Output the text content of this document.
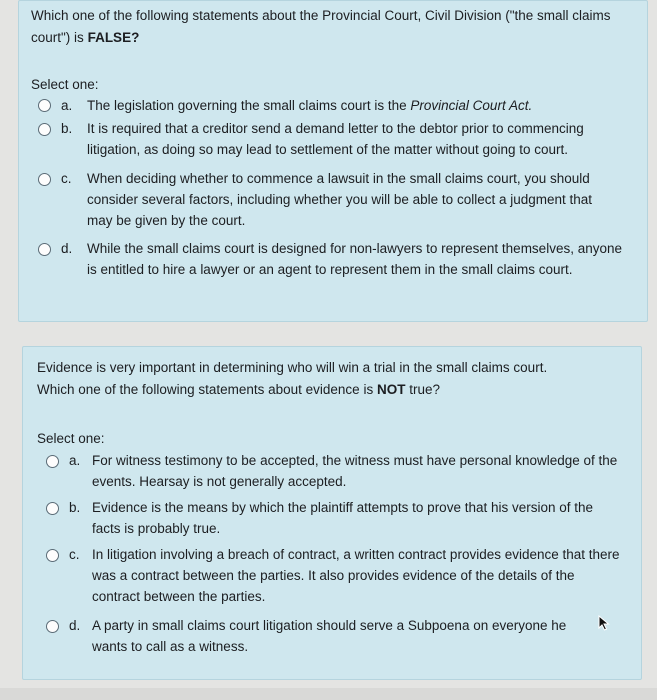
Which one of the following statements about the Provincial Court, Civil Division ("the small claims court") is FALSE?
Select one:
a.	The legislation governing the small claims court is the Provincial Court Act.
b.	It is required that a creditor send a demand letter to the debtor prior to commencing litigation, as doing so may lead to settlement of the matter without going to court.
c.	When deciding whether to commence a lawsuit in the small claims court, you should consider several factors, including whether you will be able to collect a judgment that may be given by the court.
d.	While the small claims court is designed for non-lawyers to represent themselves, anyone is entitled to hire a lawyer or an agent to represent them in the small claims court.
Evidence is very important in determining who will win a trial in the small claims court.
Which one of the following statements about evidence is NOT true?
Select one:
a. For witness testimony to be accepted, the witness must have personal knowledge of the events. Hearsay is not generally accepted.
b. Evidence is the means by which the plaintiff attempts to prove that his version of the facts is probably true.
c. In litigation involving a breach of contract, a written contract provides evidence that there was a contract between the parties. It also provides evidence of the details of the contract between the parties.
d. A party in small claims court litigation should serve a Subpoena on everyone he wants to call as a witness.
